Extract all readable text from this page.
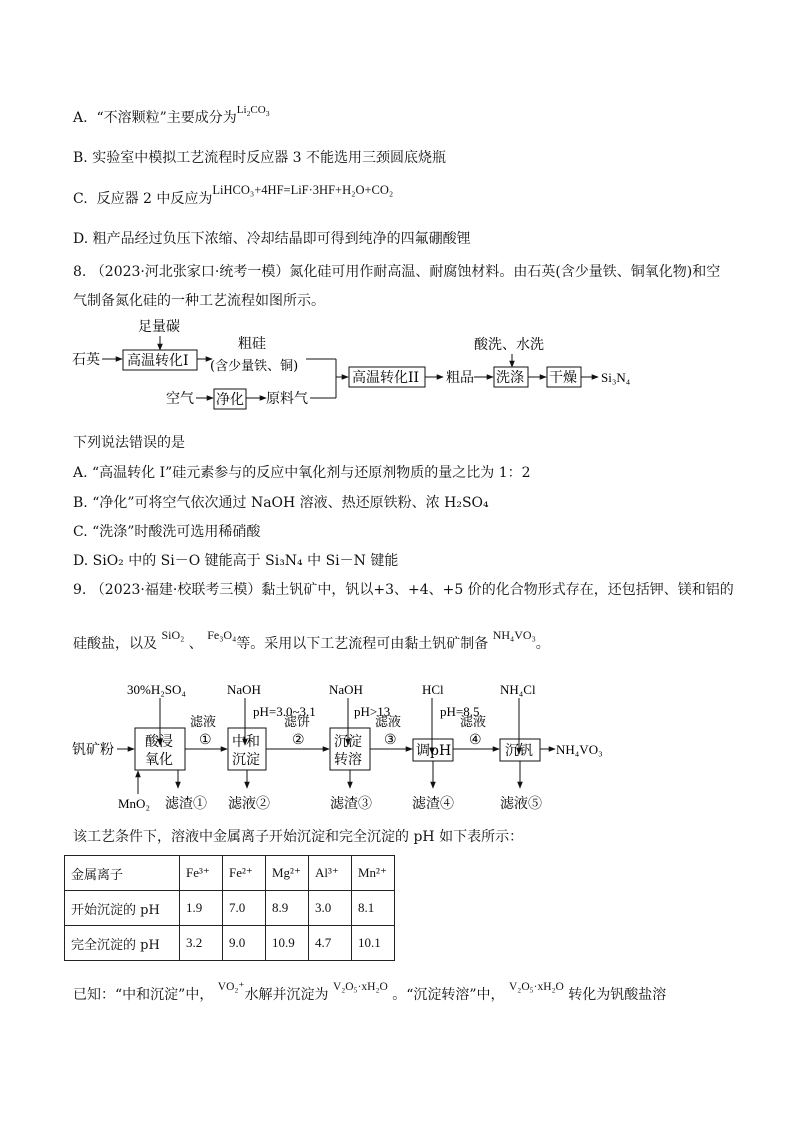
A. “不溶颗粒”主要成分为$^{Li_2CO_3}$
B. 实验室中模拟工艺流程时反应器 3 不能选用三颈圆底烧瓶
C. 反应器 2 中反应为LiHCO₃+4HF=LiF·3HF+H₂O+CO₂
D. 粗产品经过负压下浓缩、冷却结晶即可得到纯净的四氟硼酸锂
8. （2023·河北张家口·统考一模）氮化硅可用作耐高温、耐腐蚀材料。由石英(含少量铁、铜氧化物)和空
气制备氮化硅的一种工艺流程如图所示。
石英
足量碳
高温转化I
粗硅
(含少量铁、铜)
空气 净化 原料气
高温转化II 粗品
酸洗、水洗
洗涤 干燥 Si₃N₄
下列说法错误的是
A. “高温转化 I”硅元素参与的反应中氧化剂与还原剂物质的量之比为 1：2
B. “净化”可将空气依次通过 NaOH 溶液、热还原铁粉、浓 H₂SO₄
C. “洗涤”时酸洗可选用稀硝酸
D. SiO₂ 中的 Si－O 键能高于 Si₃N₄ 中 Si－N 键能
9. （2023·福建·校联考三模）黏土钒矿中，钒以+3、+4、+5 价的化合物形式存在，还包括钾、镁和铝的
硅酸盐，以及 SiO₂ 、 Fe₃O₄等。采用以下工艺流程可由黏土钒矿制备 NH₄VO₃。
30%H₂SO₄	NaOH
pH=3.0~3.1
NaOH
pH>13
HCl
pH=8.5
NH₄Cl
钒矿粉 酸浸
氧化
滤液
① 中和
沉淀
滤饼
② 沉淀
转溶
滤液
③
调pH
滤液
④
沉钒 NH₄VO₃
MnO₂ 滤渣① 滤液②	滤渣③	滤渣④	滤液⑤
该工艺条件下，溶液中金属离子开始沉淀和完全沉淀的 pH 如下表所示：
金属离子	Fe³⁺	Fe²⁺	Mg²⁺	Al³⁺	Mn²⁺
开始沉淀的 pH	1.9	7.0	8.9	3.0	8.1
完全沉淀的 pH	3.2	9.0	10.9	4.7	10.1
已知：“中和沉淀”中， $^{VO_2^+}$水解并沉淀为 $^{V_2O_5\cdot xH_2O}$ 。“沉淀转溶”中， $^{V_2O_5\cdot xH_2O}$ 转化为钒酸盐溶
